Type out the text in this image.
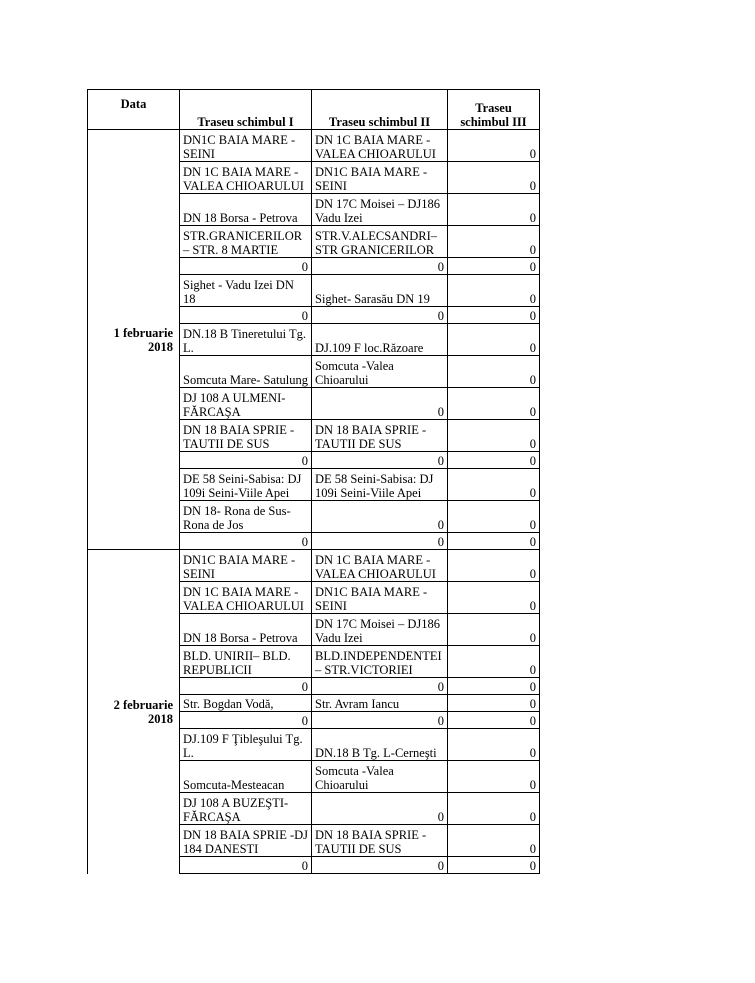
Data	Traseu schimbul I	Traseu schimbul II	Traseu schimbul III
1 februarie 2018	DN1C BAIA MARE - SEINI	DN 1C BAIA MARE - VALEA CHIOARULUI	0
	DN 1C BAIA MARE - VALEA CHIOARULUI	DN1C BAIA MARE - SEINI	0
	DN 18 Borsa - Petrova	DN 17C Moisei – DJ186 Vadu Izei	0
	STR.GRANICERILOR – STR. 8 MARTIE	STR.V.ALECSANDRI– STR GRANICERILOR	0
	0	0	0
	Sighet - Vadu Izei DN 18	Sighet- Sarasău DN 19	0
	0	0	0
	DN.18 B Tineretului Tg. L.	DJ.109 F loc.Răzoare	0
	Somcuta Mare- Satulung	Somcuta -Valea Chioarului	0
	DJ 108 A ULMENI- FĂRCAŞA	0	0
	DN 18 BAIA SPRIE - TAUTII DE SUS	DN 18 BAIA SPRIE - TAUTII DE SUS	0
	0	0	0
	DE 58 Seini-Sabisa: DJ 109i Seini-Viile Apei	DE 58 Seini-Sabisa: DJ 109i Seini-Viile Apei	0
	DN 18- Rona de Sus- Rona de Jos	0	0
	0	0	0
2 februarie 2018	DN1C BAIA MARE - SEINI	DN 1C BAIA MARE - VALEA CHIOARULUI	0
	DN 1C BAIA MARE - VALEA CHIOARULUI	DN1C BAIA MARE - SEINI	0
	DN 18 Borsa - Petrova	DN 17C Moisei – DJ186 Vadu Izei	0
	BLD. UNIRII– BLD. REPUBLICII	BLD.INDEPENDENTEI – STR.VICTORIEI	0
	0	0	0
	Str. Bogdan Vodă,	Str. Avram Iancu	0
	0	0	0
	DJ.109 F Ţibleşului Tg. L.	DN.18 B Tg. L-Cerneşti	0
	Somcuta-Mesteacan	Somcuta -Valea Chioarului	0
	DJ 108 A BUZEŞTI- FĂRCAŞA	0	0
	DN 18 BAIA SPRIE -DJ 184 DANESTI	DN 18 BAIA SPRIE - TAUTII DE SUS	0
	0	0	0
